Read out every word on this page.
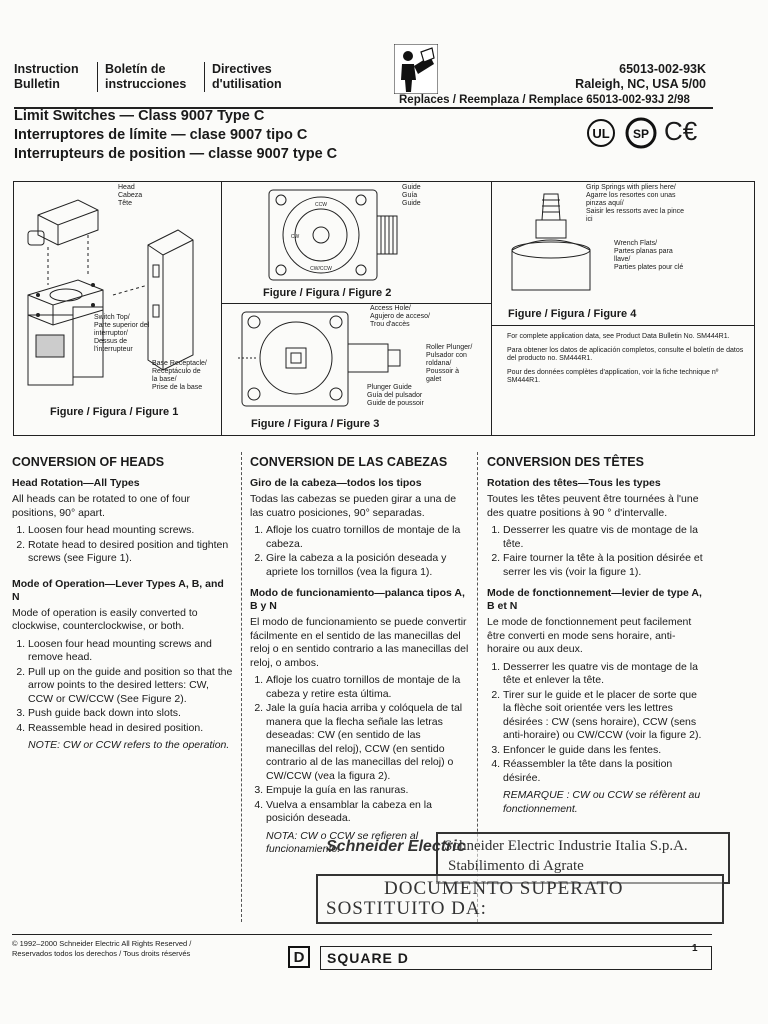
Instruction
Bulletin
Boletín de
instrucciones
Directives
d'utilisation
65013-002-93K
Raleigh, NC, USA 5/00
Replaces / Reemplaza / Remplace 65013-002-93J 2/98
Limit Switches — Class 9007 Type C
Interruptores de límite — clase 9007 tipo C
Interrupteurs de position — classe 9007 type C
UL SP C€
Head
Cabeza
Tête
Switch Top/
Parte superior del
interruptor/
Dessus de
l'interrupteur
Base Receptacle/
Receptáculo de
la base/
Prise de la base
Figure / Figura / Figure 1
CCW
CW
CW/CCW
Guide
Guía
Guide
Figure / Figura / Figure 2
Access Hole/
Agujero de acceso/
Trou d'accès
Roller Plunger/
Pulsador con
roldana/
Poussoir à
galet
Plunger Guide
Guía del pulsador
Guide de poussoir
Figure / Figura / Figure 3
Grip Springs with pliers here/
Agarre los resortes con unas
pinzas aquí/
Saisir les ressorts avec la pince
ici
Wrench Flats/
Partes planas para
llave/
Parties plates pour clé
Figure / Figura / Figure 4

For complete application data, see Product Data Bulletin No. SM444R1.

Para obtener los datos de aplicación completos, consulte el boletín de datos del producto no. SM444R1.

Pour des données complètes d'application, voir la fiche technique nº SM444R1.

CONVERSION OF HEADS
Head Rotation—All Types

All heads can be rotated to one of four positions, 90° apart.

1. Loosen four head mounting screws.
2. Rotate head to desired position and tighten screws (see Figure 1).
Mode of Operation—Lever Types A, B, and N

Mode of operation is easily converted to clockwise, counterclockwise, or both.

1. Loosen four head mounting screws and remove head.
2. Pull up on the guide and position so that the arrow points to the desired letters: CW, CCW or CW/CCW (See Figure 2).
3. Push guide back down into slots.
4. Reassemble head in desired position.
NOTE: CW or CCW refers to the operation.
CONVERSION DE LAS CABEZAS
Giro de la cabeza—todos los tipos

Todas las cabezas se pueden girar a una de las cuatro posiciones, 90° separadas.

1. Afloje los cuatro tornillos de montaje de la cabeza.
2. Gire la cabeza a la posición deseada y apriete los tornillos (vea la figura 1).
Modo de funcionamiento—palanca tipos A, B y N

El modo de funcionamiento se puede convertir fácilmente en el sentido de las manecillas del reloj o en sentido contrario a las manecillas del reloj, o ambos.

1. Afloje los cuatro tornillos de montaje de la cabeza y retire esta última.
2. Jale la guía hacia arriba y colóquela de tal manera que la flecha señale las letras deseadas: CW (en sentido de las manecillas del reloj), CCW (en sentido contrario al de las manecillas del reloj) o CW/CCW (vea la figura 2).
3. Empuje la guía en las ranuras.
4. Vuelva a ensamblar la cabeza en la posición deseada.
NOTA: CW o CCW se refieren al funcionamiento.
CONVERSION DES TÊTES
Rotation des têtes—Tous les types

Toutes les têtes peuvent être tournées à l'une des quatre positions à 90 ° d'intervalle.

1. Desserrer les quatre vis de montage de la tête.
2. Faire tourner la tête à la position désirée et serrer les vis (voir la figure 1).
Mode de fonctionnement—levier de type A, B et N

Le mode de fonctionnement peut facilement être converti en mode sens horaire, anti-horaire ou aux deux.

1. Desserrer les quatre vis de montage de la tête et enlever la tête.
2. Tirer sur le guide et le placer de sorte que la flèche soit orientée vers les lettres désirées : CW (sens horaire), CCW (sens anti-horaire) ou CW/CCW (voir la figure 2).
3. Enfoncer le guide dans les fentes.
4. Réassembler la tête dans la position désirée.
REMARQUE : CW ou CCW se réfèrent au fonctionnement.
Schneider Electric Industrie Italia S.p.A.
Stabilimento di Agrate
Schneider Electric
DOCUMENTO SUPERATO
SOSTITUITO DA:
© 1992–2000 Schneider Electric All Rights Reserved /
Reservados todos los derechos / Tous droits réservés	D	SQUARE D
1
